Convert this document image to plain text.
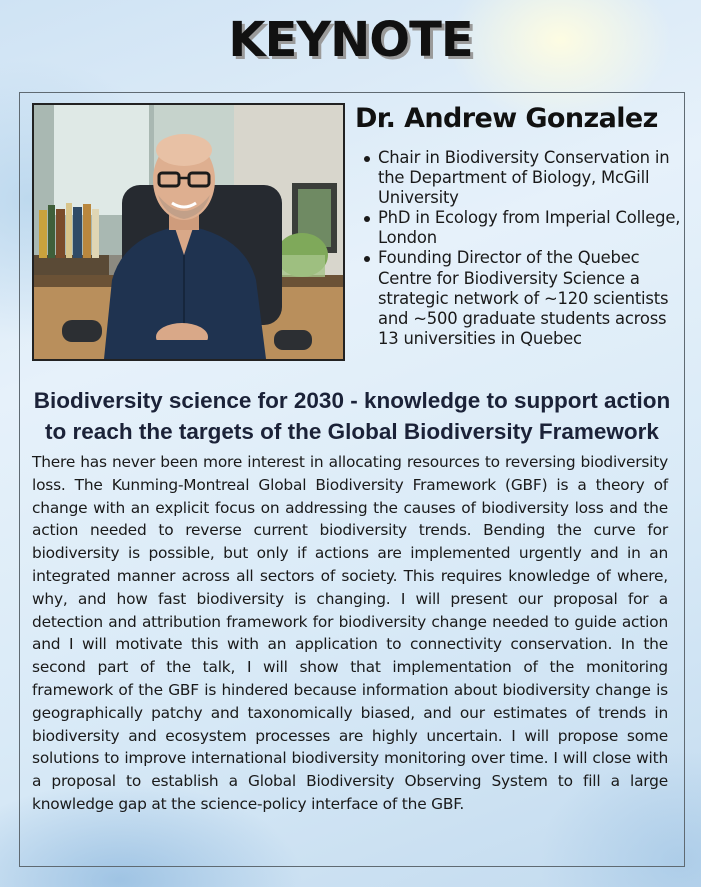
KEYNOTE
Dr. Andrew Gonzalez
Chair in Biodiversity Conservation in the Department of Biology, McGill University
PhD in Ecology from Imperial College, London
Founding Director of the Quebec Centre for Biodiversity Science a strategic network of ~120 scientists and ~500 graduate students across 13 universities in Quebec
Biodiversity science for 2030 - knowledge to support action to reach the targets of the Global Biodiversity Framework

There has never been more interest in allocating resources to reversing biodiversity loss. The Kunming-Montreal Global Biodiversity Framework (GBF) is a theory of change with an explicit focus on addressing the causes of biodiversity loss and the action needed to reverse current biodiversity trends. Bending the curve for biodiversity is possible, but only if actions are implemented urgently and in an integrated manner across all sectors of society. This requires knowledge of where, why, and how fast biodiversity is changing. I will present our proposal for a detection and attribution framework for biodiversity change needed to guide action and I will motivate this with an application to connectivity conservation. In the second part of the talk, I will show that implementation of the monitoring framework of the GBF is hindered because information about biodiversity change is geographically patchy and taxonomically biased, and our estimates of trends in biodiversity and ecosystem processes are highly uncertain. I will propose some solutions to improve international biodiversity monitoring over time. I will close with a proposal to establish a Global Biodiversity Observing System to fill a large knowledge gap at the science-policy interface of the GBF.
